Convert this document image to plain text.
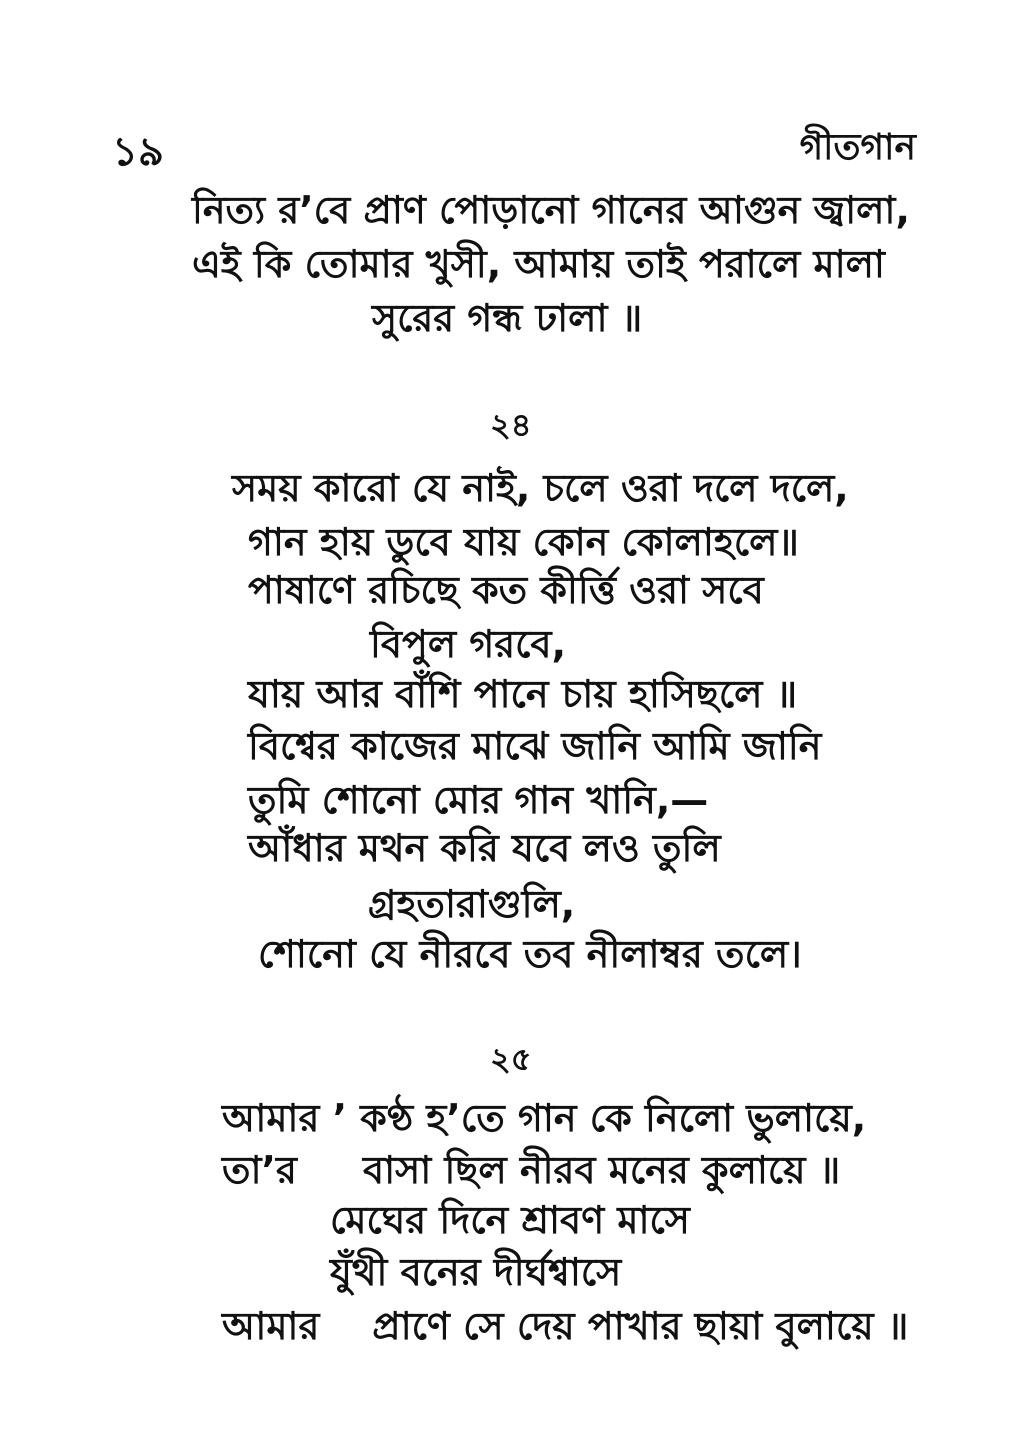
১৯	গীতগান
নিত্য র’বে প্রাণ পোড়ানো গানের আগুন জ্বালা,
এই কি তোমার খুসী, আমায় তাই পরালে মালা
সুরের গন্ধ ঢালা ॥
২৪
সময় কারো যে নাই, চলে ওরা দলে দলে,
গান হায় ডুবে যায় কোন কোলাহলে॥
পাষাণে রচিছে কত কীর্ত্তি ওরা সবে
বিপুল গরবে,
যায় আর বাঁশি পানে চায় হাসিছলে ॥
বিশ্বের কাজের মাঝে জানি আমি জানি
তুমি শোনো মোর গান খানি,—
আঁধার মথন করি যবে লও তুলি
গ্রহতারাগুলি,
শোনো যে নীরবে তব নীলাম্বর তলে।
২৫
আমার ’ কণ্ঠ হ’তে গান কে নিলো ভুলায়ে,
তা’র     বাসা ছিল নীরব মনের কুলায়ে ॥
মেঘের দিনে শ্রাবণ মাসে
যুঁথী বনের দীর্ঘশ্বাসে
আমার    প্রাণে সে দেয় পাখার ছায়া বুলায়ে ॥
